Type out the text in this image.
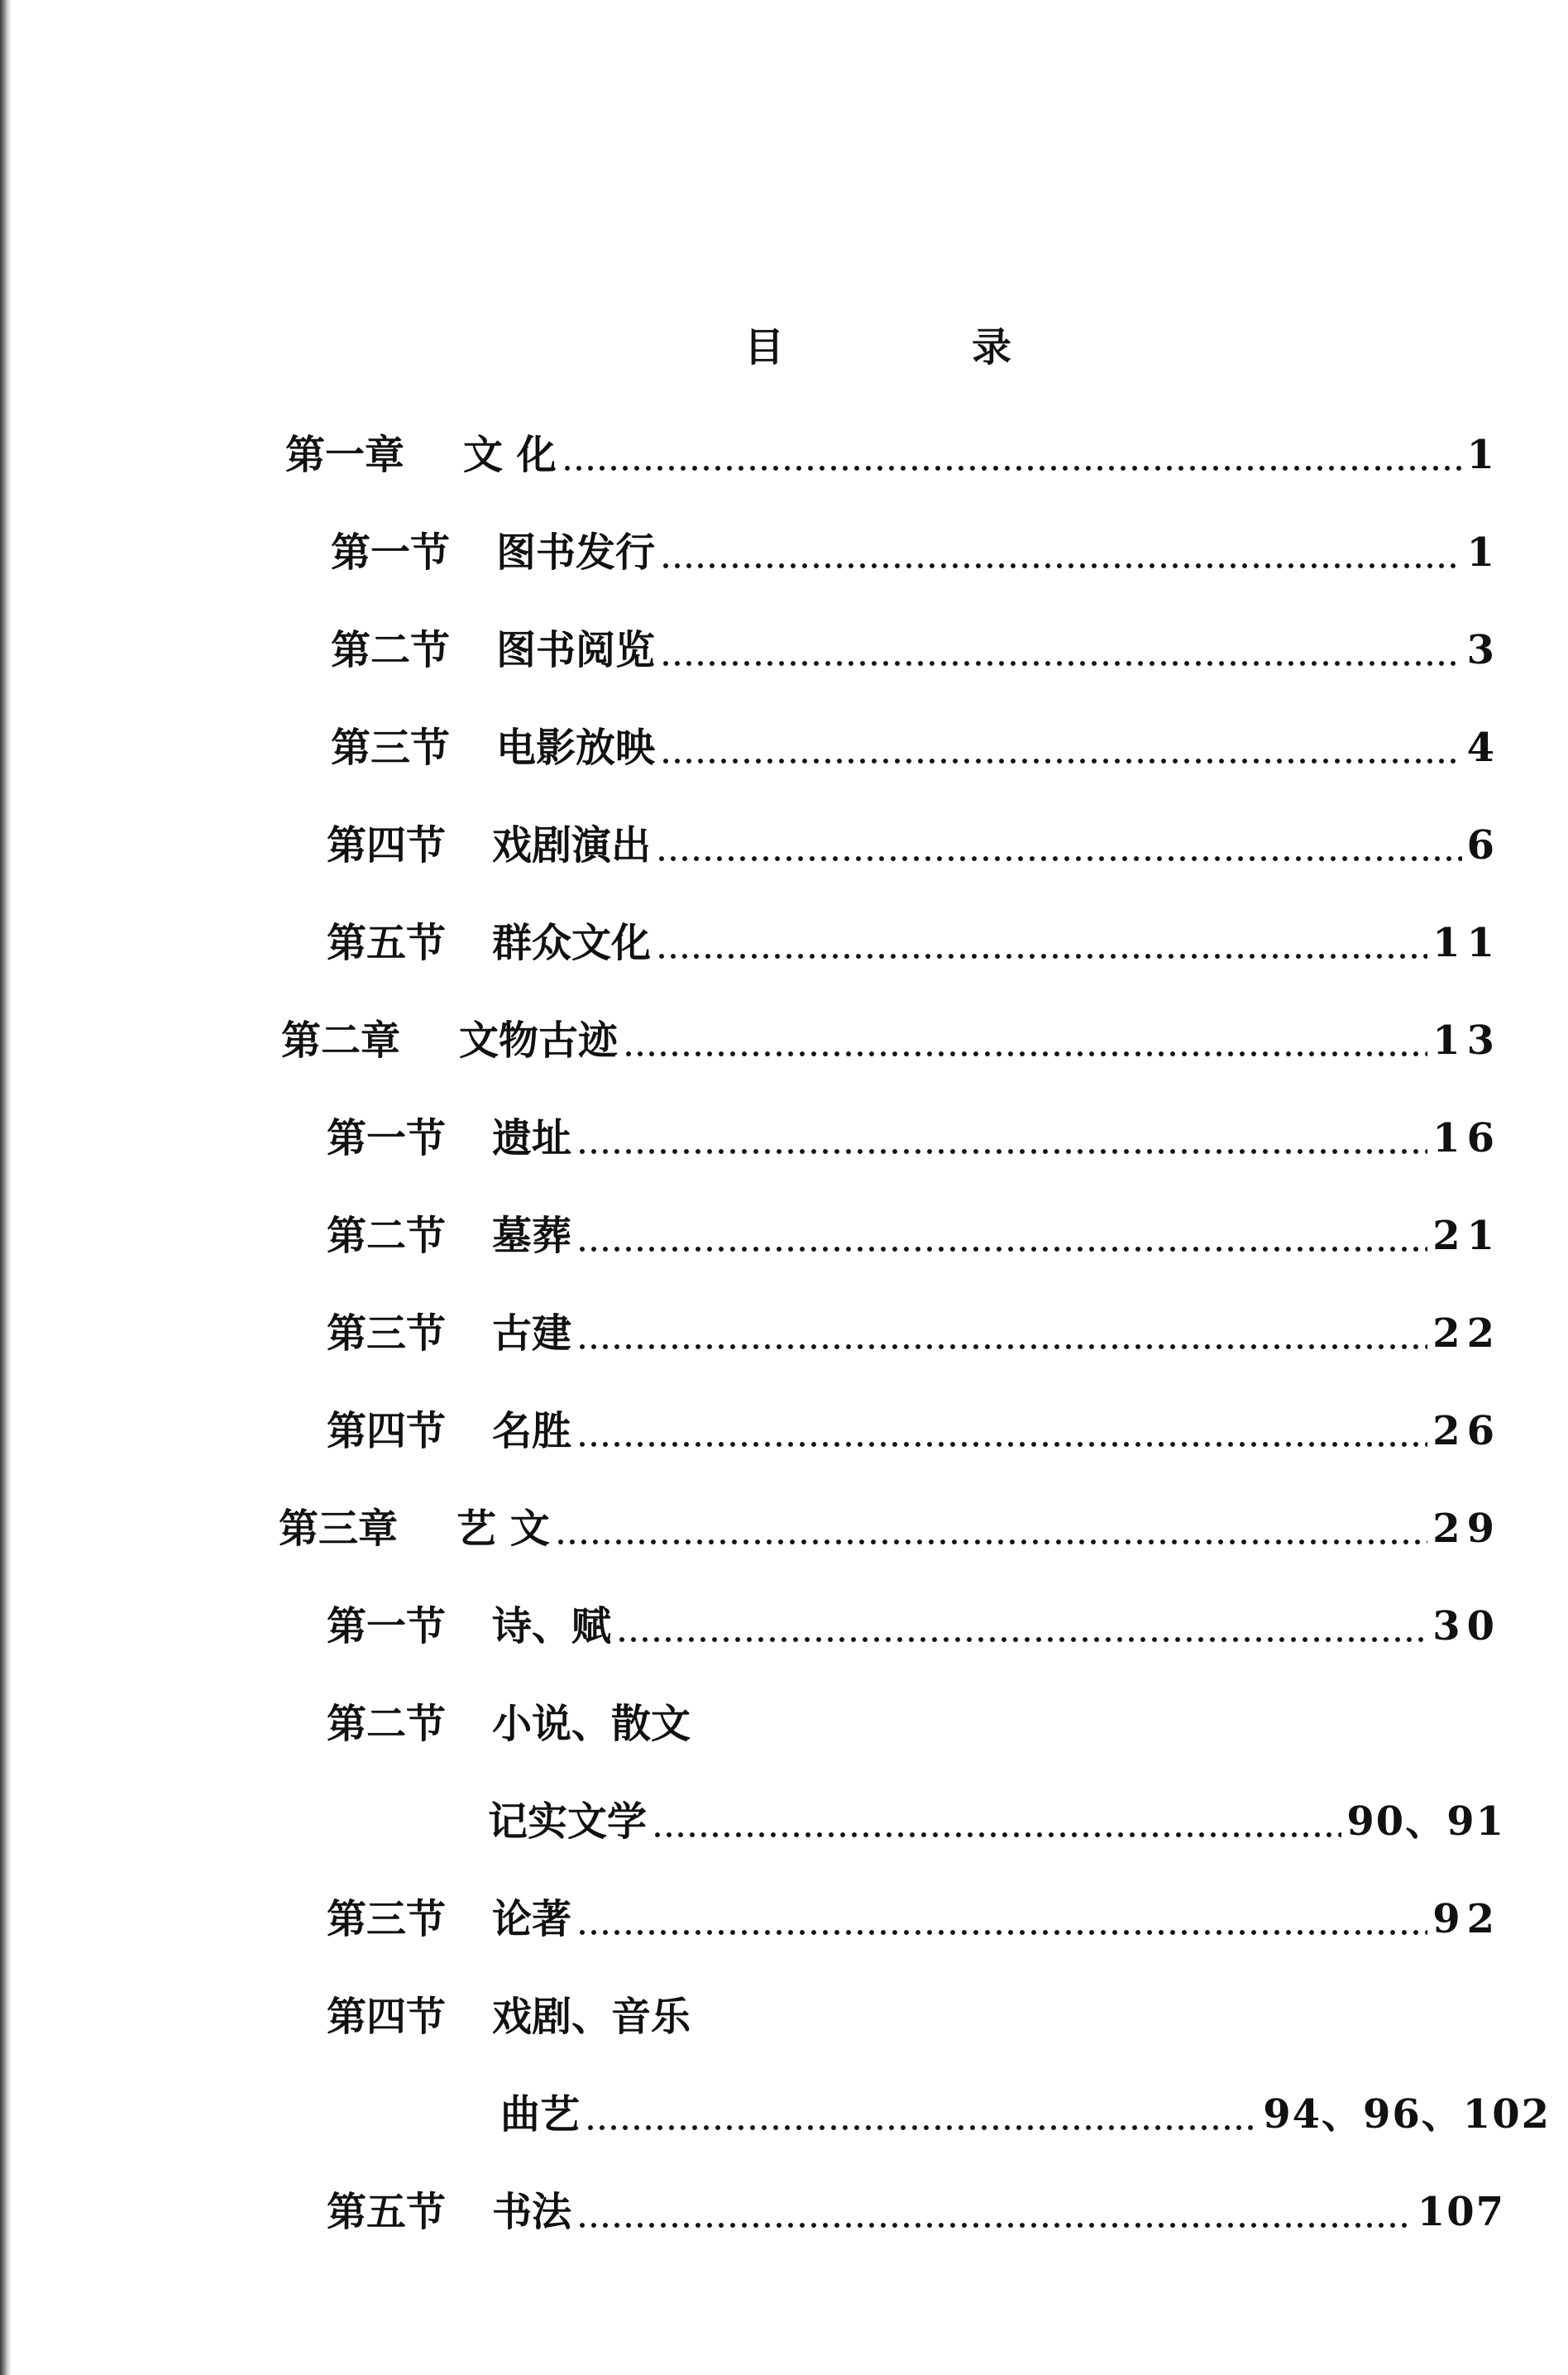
目	录
第一章	文 化	1
第一节	图书发行	1
第二节	图书阅览	3
第三节	电影放映	4
第四节	戏剧演出	6
第五节	群众文化	11
第二章	文物古迹	13
第一节	遗址	16
第二节	墓葬	21
第三节	古建	22
第四节	名胜	26
第三章	艺 文	29
第一节	诗、赋	30
第二节	小说、散文
记实文学	90、91
第三节	论著	92
第四节	戏剧、音乐
曲艺	94、96、102
第五节	书法	107
